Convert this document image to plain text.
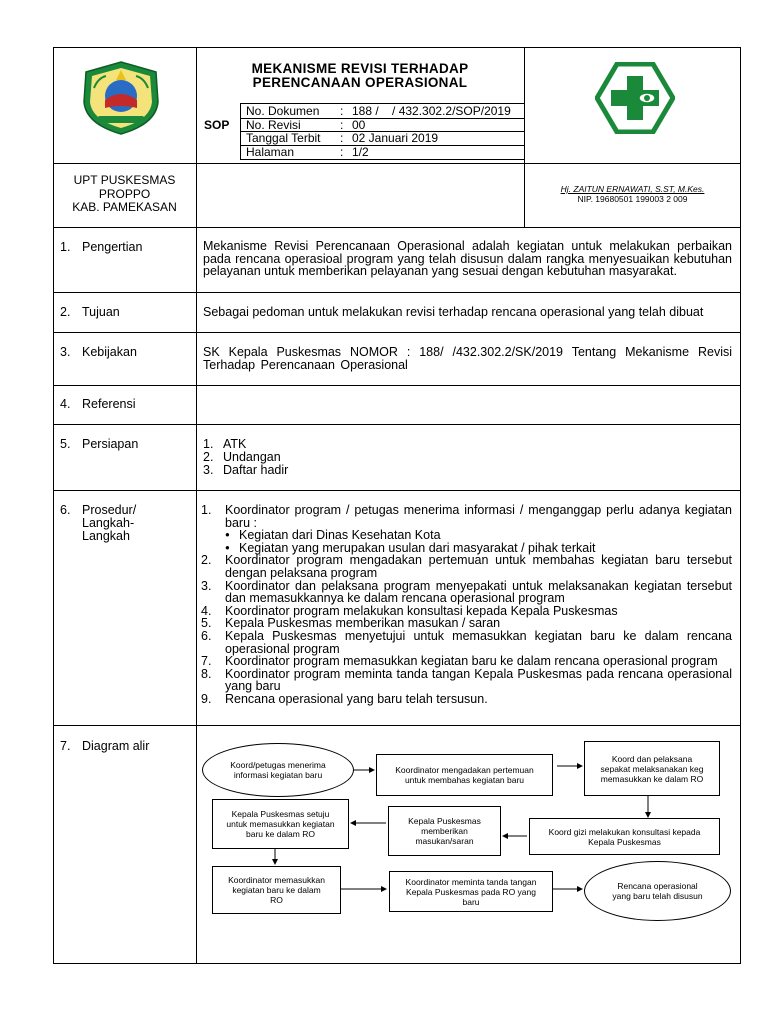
MEKANISME REVISI TERHADAP
PERENCANAAN OPERASIONAL
SOP
No. Dokumen : 188 /    / 432.302.2/SOP/2019
No. Revisi	: 00
Tanggal Terbit : 02 Januari 2019
Halaman	: 1/2
UPT PUSKESMAS
PROPPO
KAB. PAMEKASAN
Hj. ZAITUN ERNAWATI, S.ST, M.Kes.
NIP. 19680501 199003 2 009
1. Pengertian	Mekanisme Revisi Perencanaan Operasional adalah kegiatan untuk melakukan perbaikan pada rencana operasioal program yang telah disusun dalam rangka menyesuaikan kebutuhan pelayanan untuk memberikan pelayanan yang sesuai dengan kebutuhan masyarakat.
2. Tujuan	Sebagai pedoman untuk melakukan revisi terhadap rencana operasional yang telah dibuat
3. Kebijakan	SK Kepala Puskesmas NOMOR : 188/ /432.302.2/SK/2019 Tentang Mekanisme Revisi Terhadap Perencanaan Operasional
4. Referensi
5. Persiapan	1. ATK
2. Undangan
3. Daftar hadir
6. Prosedur/
Langkah-
Langkah
1. Koordinator program / petugas menerima informasi / menganggap perlu adanya kegiatan baru :
● Kegiatan dari Dinas Kesehatan Kota
● Kegiatan yang merupakan usulan dari masyarakat / pihak terkait
2. Koordinator program mengadakan pertemuan untuk membahas kegiatan baru tersebut dengan pelaksana program
3. Koordinator dan pelaksana program menyepakati untuk melaksanakan kegiatan tersebut dan memasukkannya ke dalam rencana operasional program
4. Koordinator program melakukan konsultasi kepada Kepala Puskesmas
5. Kepala Puskesmas memberikan masukan / saran
6. Kepala Puskesmas menyetujui untuk memasukkan kegiatan baru ke dalam rencana operasional program
7. Koordinator program memasukkan kegiatan baru ke dalam rencana operasional program
8. Koordinator program meminta tanda tangan Kepala Puskesmas pada rencana operasional yang baru
9. Rencana operasional yang baru telah tersusun.
7. Diagram alir
Koord/petugas menerima informasi kegiatan baru	Koordinator mengadakan pertemuan untuk membahas kegiatan baru
Koord dan pelaksana sepakat melaksanakan keg memasukkan ke dalam RO
Koord gizi melakukan konsultasi kepada Kepala Puskesmas
Kepala Puskesmas memberikan masukan/saran
Kepala Puskesmas setuju untuk memasukkan kegiatan baru ke dalam RO
Koordinator memasukkan kegiatan baru ke dalam RO
Koordinator meminta tanda tangan Kepala Puskesmas pada RO yang baru
Rencana operasional yang baru telah disusun
